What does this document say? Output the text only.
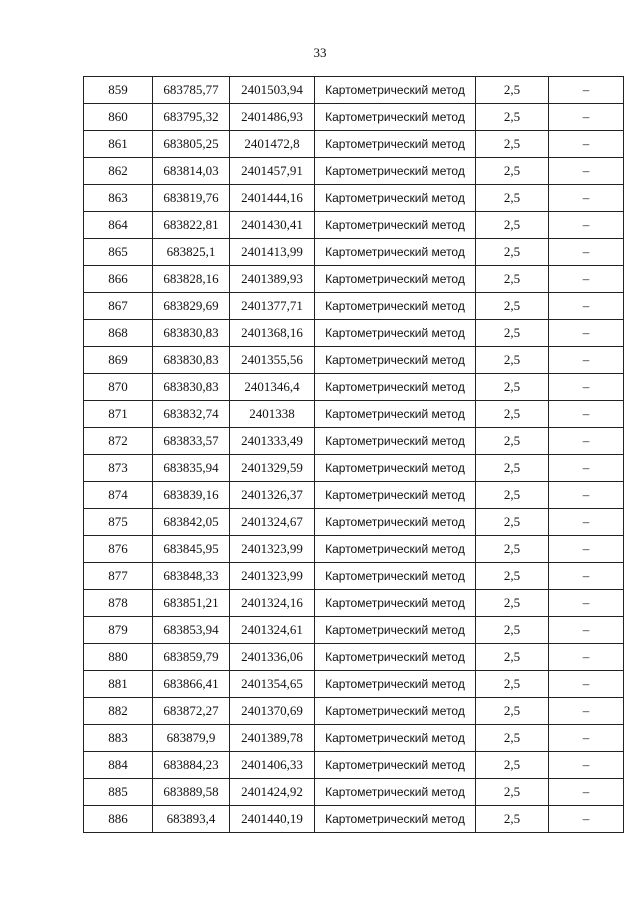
33
859	683785,77	2401503,94	Картометрический метод	2,5	–
860	683795,32	2401486,93	Картометрический метод	2,5	–
861	683805,25	2401472,8	Картометрический метод	2,5	–
862	683814,03	2401457,91	Картометрический метод	2,5	–
863	683819,76	2401444,16	Картометрический метод	2,5	–
864	683822,81	2401430,41	Картометрический метод	2,5	–
865	683825,1	2401413,99	Картометрический метод	2,5	–
866	683828,16	2401389,93	Картометрический метод	2,5	–
867	683829,69	2401377,71	Картометрический метод	2,5	–
868	683830,83	2401368,16	Картометрический метод	2,5	–
869	683830,83	2401355,56	Картометрический метод	2,5	–
870	683830,83	2401346,4	Картометрический метод	2,5	–
871	683832,74	2401338	Картометрический метод	2,5	–
872	683833,57	2401333,49	Картометрический метод	2,5	–
873	683835,94	2401329,59	Картометрический метод	2,5	–
874	683839,16	2401326,37	Картометрический метод	2,5	–
875	683842,05	2401324,67	Картометрический метод	2,5	–
876	683845,95	2401323,99	Картометрический метод	2,5	–
877	683848,33	2401323,99	Картометрический метод	2,5	–
878	683851,21	2401324,16	Картометрический метод	2,5	–
879	683853,94	2401324,61	Картометрический метод	2,5	–
880	683859,79	2401336,06	Картометрический метод	2,5	–
881	683866,41	2401354,65	Картометрический метод	2,5	–
882	683872,27	2401370,69	Картометрический метод	2,5	–
883	683879,9	2401389,78	Картометрический метод	2,5	–
884	683884,23	2401406,33	Картометрический метод	2,5	–
885	683889,58	2401424,92	Картометрический метод	2,5	–
886	683893,4	2401440,19	Картометрический метод	2,5	–
